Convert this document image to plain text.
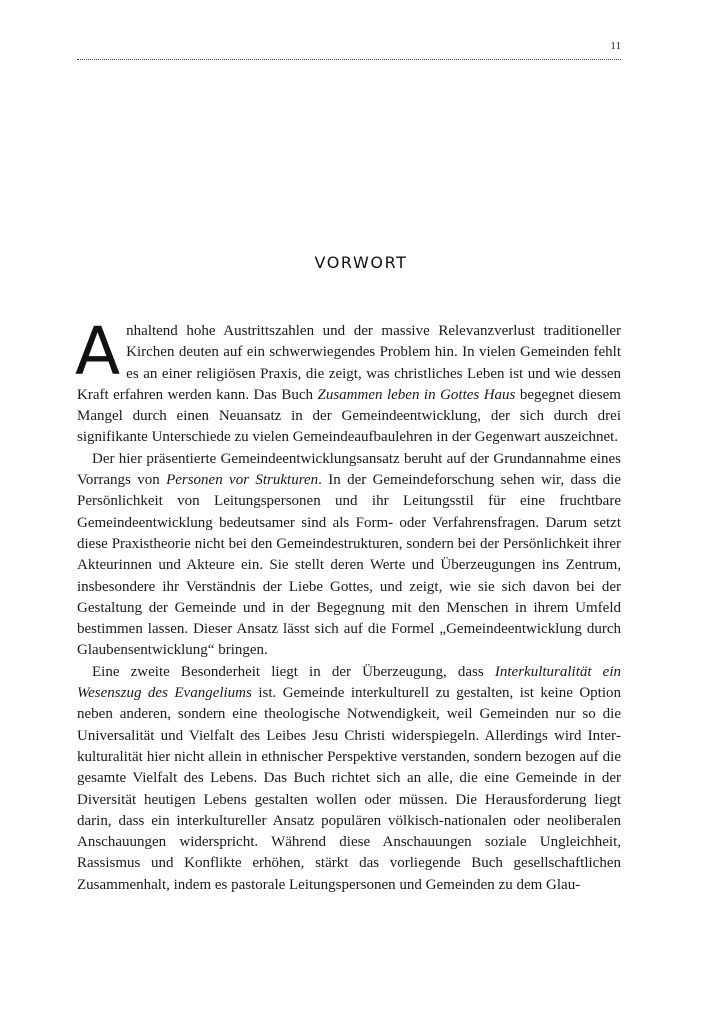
11
VORWORT

Anhaltend hohe Austrittszahlen und der massive Relevanzverlust traditioneller Kirchen deuten auf ein schwerwiegendes Problem hin. In vielen Gemeinden fehlt es an einer religiösen Praxis, die zeigt, was christliches Leben ist und wie dessen Kraft erfahren werden kann. Das Buch Zusammen leben in Gottes Haus begegnet diesem Mangel durch einen Neuansatz in der Gemeindeentwicklung, der sich durch drei signifikante Unterschiede zu vielen Gemeindeaufbaulehren in der Gegenwart auszeichnet.

Der hier präsentierte Gemeindeentwicklungsansatz beruht auf der Grundannahme eines Vorrangs von Personen vor Strukturen. In der Gemeindeforschung sehen wir, dass die Persönlichkeit von Leitungspersonen und ihr Leitungsstil für eine fruchtbare Gemeindeentwicklung bedeutsamer sind als Form- oder Verfahrensfragen. Darum setzt diese Praxistheorie nicht bei den Gemeindestrukturen, sondern bei der Persönlichkeit ihrer Akteurinnen und Akteure ein. Sie stellt deren Werte und Überzeugungen ins Zentrum, insbesondere ihr Verständnis der Liebe Gottes, und zeigt, wie sie sich davon bei der Gestaltung der Gemeinde und in der Begegnung mit den Menschen in ihrem Umfeld bestimmen lassen. Dieser Ansatz lässt sich auf die Formel „Gemeindeentwicklung durch Glaubensentwicklung“ bringen.

Eine zweite Besonderheit liegt in der Überzeugung, dass Interkulturalität ein Wesenszug des Evangeliums ist. Gemeinde interkulturell zu gestalten, ist keine Option neben anderen, sondern eine theologische Notwendigkeit, weil Gemeinden nur so die Universalität und Vielfalt des Leibes Jesu Christi widerspiegeln. Allerdings wird Interkulturalität hier nicht allein in ethnischer Perspektive verstanden, sondern bezogen auf die gesamte Vielfalt des Lebens. Das Buch richtet sich an alle, die eine Gemeinde in der Diversität heutigen Lebens gestalten wollen oder müssen. Die Herausforderung liegt darin, dass ein interkultureller Ansatz populären völkisch-nationalen oder neoliberalen Anschauungen widerspricht. Während diese Anschauungen soziale Ungleichheit, Rassismus und Konflikte erhöhen, stärkt das vorliegende Buch gesellschaftlichen Zusammenhalt, indem es pastorale Leitungspersonen und Gemeinden zu dem Glau-
